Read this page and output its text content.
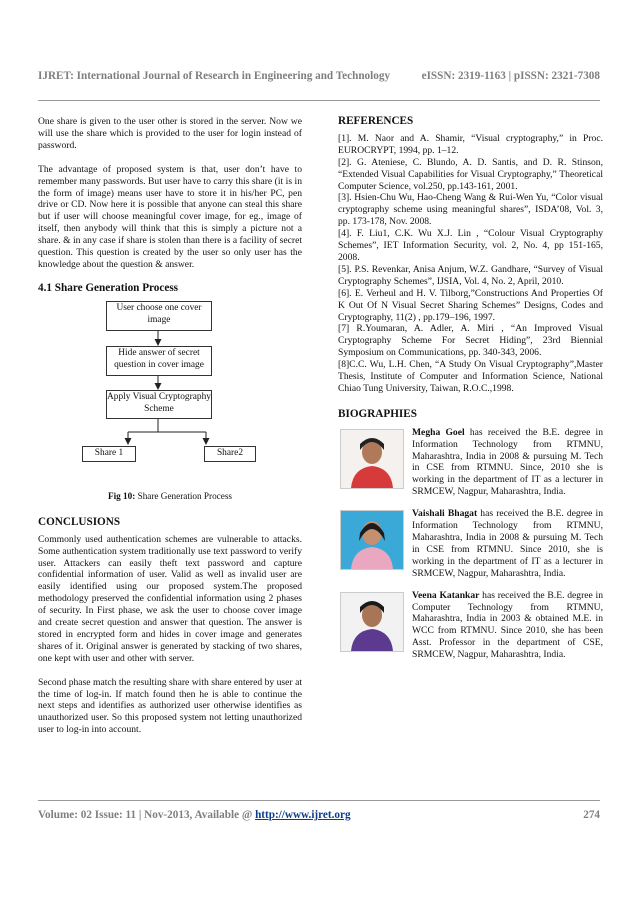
IJRET: International Journal of Research in Engineering and Technology	eISSN: 2319-1163 | pISSN: 2321-7308

One share is given to the user other is stored in the server. Now we will use the share which is provided to the user for login instead of password.

The advantage of proposed system is that, user don’t have to remember many passwords. But user have to carry this share (it is in the form of image) means user have to store it in his/her PC, pen drive or CD. Now here it is possible that anyone can steal this share but if user will choose meaningful cover image, for eg., image of itself, then anybody will think that this is simply a picture not a share. & in any case if share is stolen than there is a facility of secret question. This question is created by the user so only user has the knowledge about the question & answer.

4.1 Share Generation Process
User choose one cover image
Hide answer of secret question in cover image
Apply Visual Cryptography Scheme
Share 1	Share2
Fig 10: Share Generation Process
CONCLUSIONS

Commonly used authentication schemes are vulnerable to attacks. Some authentication system traditionally use text password to verify user. Attackers can easily theft text password and capture confidential information of user. Valid as well as invalid user are easily identified using our proposed system.The proposed methodology preserved the confidential information using 2 phases of security. In First phase, we ask the user to choose cover image and create secret question and answer that question. The answer is stored in encrypted form and hides in cover image and generates shares of it. Original answer is generated by stacking of two shares, one kept with user and other with server.

Second phase match the resulting share with share entered by user at the time of log-in. If match found then he is able to continue the next steps and identifies as authorized user otherwise identifies as unauthorized user. So this proposed system not letting unauthorized user to log-in into account.

REFERENCES

[1]. M. Naor and A. Shamir, “Visual cryptography,” in Proc. EUROCRYPT, 1994, pp. 1–12.

[2]. G. Ateniese, C. Blundo, A. D. Santis, and D. R. Stinson, “Extended Visual Capabilities for Visual Cryptography,” Theoretical Computer Science, vol.250, pp.143-161, 2001.

[3]. Hsien-Chu Wu, Hao-Cheng Wang & Rui-Wen Yu, “Color visual cryptography scheme using meaningful shares”, ISDA’08, Vol. 3, pp. 173-178, Nov. 2008.

[4]. F. Liu1, C.K. Wu X.J. Lin , “Colour Visual Cryptography Schemes”, IET Information Security, vol. 2, No. 4, pp 151-165, 2008.

[5]. P.S. Revenkar, Anisa Anjum, W.Z. Gandhare, “Survey of Visual Cryptography Schemes”, IJSIA, Vol. 4, No. 2, April, 2010.

[6]. E. Verheul and H. V. Tilborg,”Constructions And Properties Of K Out Of N Visual Secret Sharing Schemes” Designs, Codes and Cryptography, 11(2) , pp.179–196, 1997.

[7] R.Youmaran, A. Adler, A. Miri , “An Improved Visual Cryptography Scheme For Secret Hiding”, 23rd Biennial Symposium on Communications, pp. 340-343, 2006.

[8]C.C. Wu, L.H. Chen, “A Study On Visual Cryptography”,Master Thesis, Institute of Computer and Information Science, National Chiao Tung University, Taiwan, R.O.C.,1998.

BIOGRAPHIES
Megha Goel has received the B.E. degree in Information Technology from RTMNU, Maharashtra, India in 2008 & pursuing M. Tech in CSE from RTMNU. Since, 2010 she is working in the department of IT as a lecturer in SRMCEW, Nagpur, Maharashtra, India.
Vaishali Bhagat has received the B.E. degree in Information Technology from RTMNU, Maharashtra, India in 2008 & pursuing M. Tech in CSE from RTMNU. Since 2010, she is working in the department of IT as a lecturer in SRMCEW, Nagpur, Maharashtra, India.
Veena Katankar has received the B.E. degree in Computer Technology from RTMNU, Maharashtra, India in 2003 & obtained M.E. in WCC from RTMNU. Since 2010, she has been Asst. Professor in the department of CSE, SRMCEW, Nagpur, Maharashtra, India.
Volume: 02 Issue: 11 | Nov-2013, Available @ http://www.ijret.org	274
